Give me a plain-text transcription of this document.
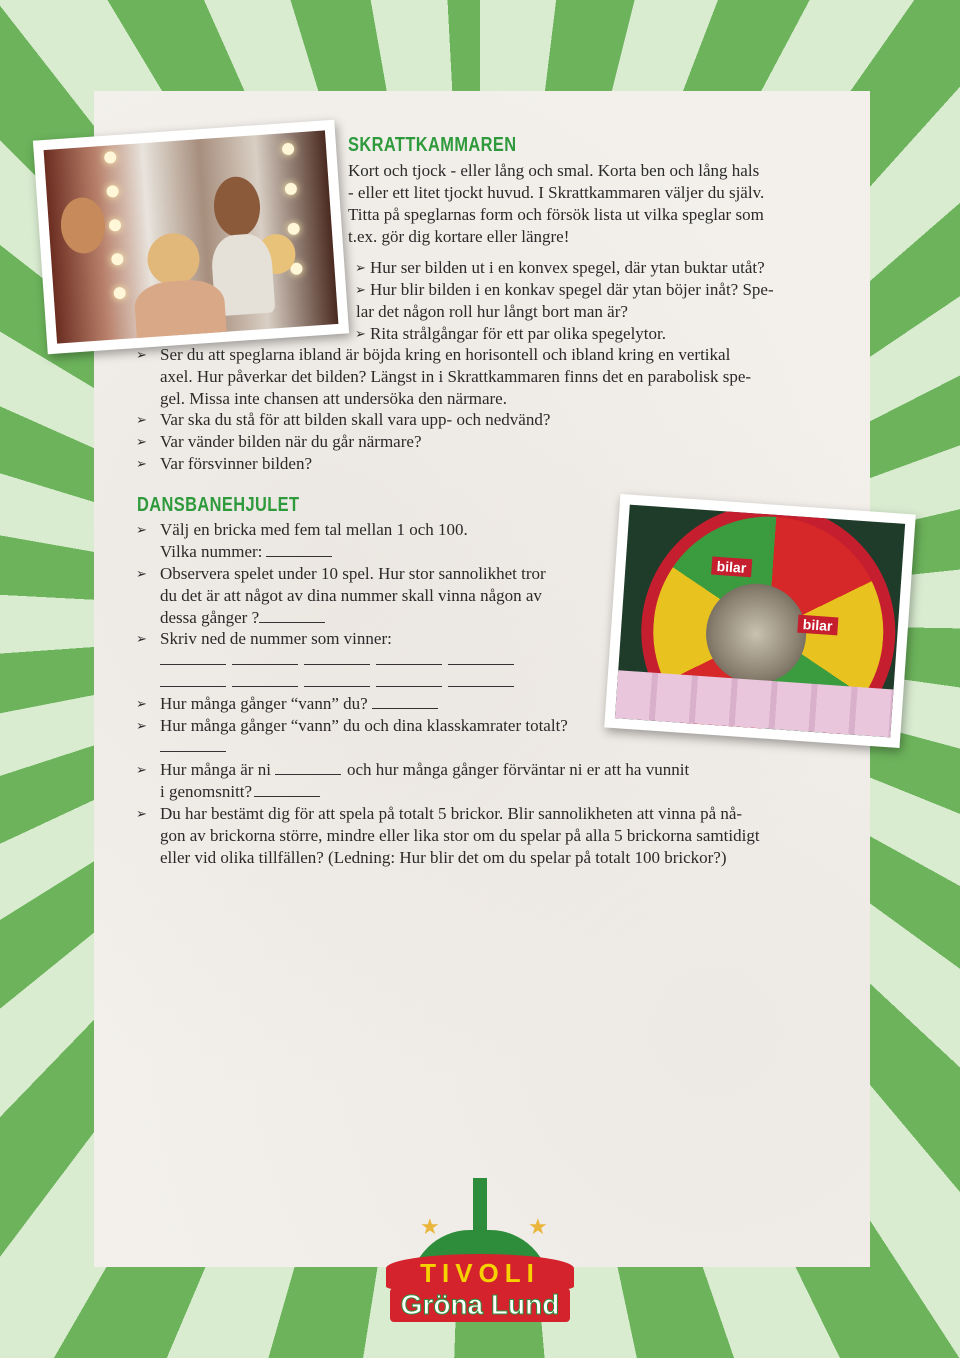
bilar
bilar
SKRATTKAMMAREN

Kort och tjock - eller lång och smal. Korta ben och lång hals

- eller ett litet tjockt huvud. I Skrattkammaren väljer du själv.

Titta på speglarnas form och försök lista ut vilka speglar som

t.ex. gör dig kortare eller längre!

➢ Hur ser bilden ut i en konvex spegel, där ytan buktar utåt?

➢ Hur blir bilden i en konkav spegel där ytan böjer inåt? Spe-

lar det någon roll hur långt bort man är?

➢ Rita strålgångar för ett par olika spegelytor.

➢ Ser du att speglarna ibland är böjda kring en horisontell och ibland kring en vertikal

axel. Hur påverkar det bilden? Längst in i Skrattkammaren finns det en parabolisk spe-

gel. Missa inte chansen att undersöka den närmare.

➢ Var ska du stå för att bilden skall vara upp- och nedvänd?

➢ Var vänder bilden när du går närmare?

➢ Var försvinner bilden?

DANSBANEHJULET

➢ Välj en bricka med fem tal mellan 1 och 100.

Vilka nummer:

➢ Observera spelet under 10 spel. Hur stor sannolikhet tror

du det är att något av dina nummer skall vinna någon av

dessa gånger ?

➢ Skriv ned de nummer som vinner:

➢ Hur många gånger “vann” du?

➢ Hur många gånger “vann” du och dina klasskamrater totalt?

➢ Hur många är ni	och hur många gånger förväntar ni er att ha vunnit

i genomsnitt?

➢ Du har bestämt dig för att spela på totalt 5 brickor. Blir sannolikheten att vinna på nå-

gon av brickorna större, mindre eller lika stor om du spelar på alla 5 brickorna samtidigt

eller vid olika tillfällen? (Ledning: Hur blir det om du spelar på totalt 100 brickor?)

★	★
TIVOLI
Gröna Lund
